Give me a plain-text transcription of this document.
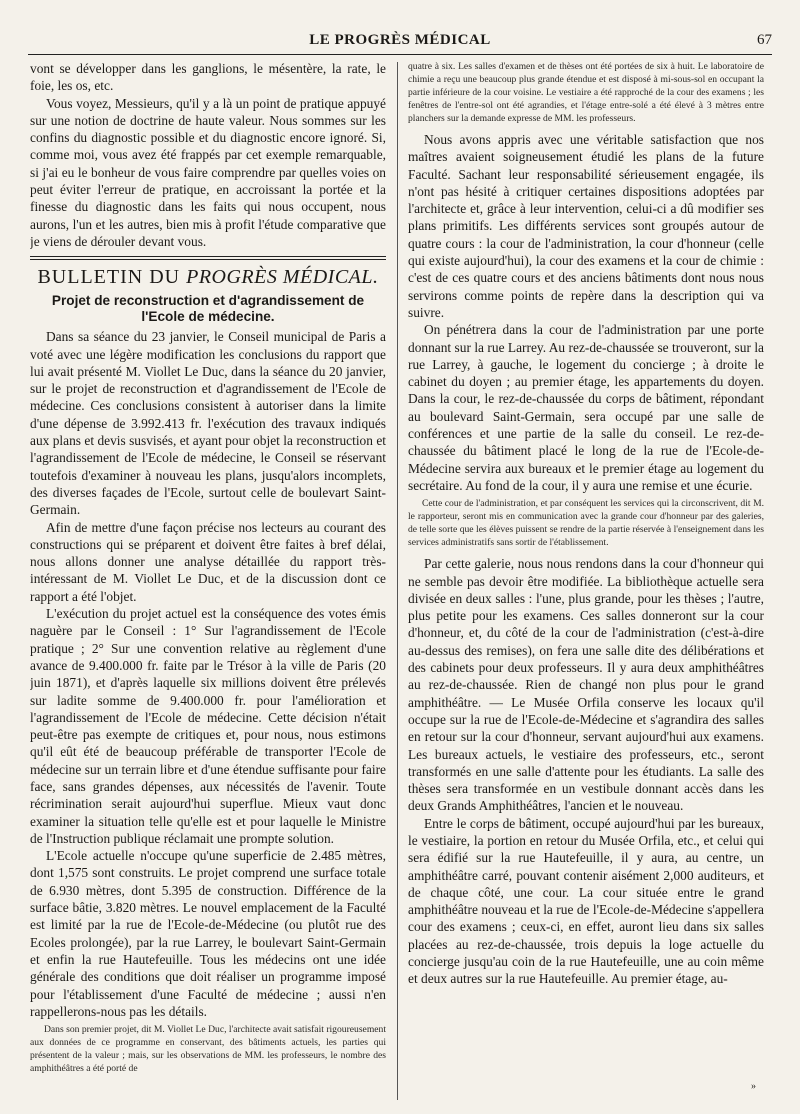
LE PROGRÈS MÉDICAL	67

vont se développer dans les ganglions, le mésentère, la rate, le foie, les os, etc.

Vous voyez, Messieurs, qu'il y a là un point de pratique appuyé sur une notion de doctrine de haute valeur. Nous sommes sur les confins du diagnostic possible et du diagnostic encore ignoré. Si, comme moi, vous avez été frappés par cet exemple remarquable, si j'ai eu le bonheur de vous faire comprendre par quelles voies on peut éviter l'erreur de pratique, en accroissant la portée et la finesse du diagnostic dans les faits qui nous occupent, nous aurons, l'un et les autres, bien mis à profit l'étude comparative que je viens de dérouler devant vous.

BULLETIN DU PROGRÈS MÉDICAL.
Projet de reconstruction et d'agrandissement de
l'Ecole de médecine.

Dans sa séance du 23 janvier, le Conseil municipal de Paris a voté avec une légère modification les conclusions du rapport que lui avait présenté M. Viollet Le Duc, dans la séance du 20 janvier, sur le projet de reconstruction et d'agrandissement de l'Ecole de médecine. Ces conclusions consistent à autoriser dans la limite d'une dépense de 3.992.413 fr. l'exécution des travaux indiqués aux plans et devis susvisés, et ayant pour objet la reconstruction et l'agrandissement de l'Ecole de médecine, le Conseil se réservant toutefois d'examiner à nouveau les plans, jusqu'alors incomplets, des diverses façades de l'Ecole, surtout celle de boulevart Saint-Germain.

Afin de mettre d'une façon précise nos lecteurs au courant des constructions qui se préparent et doivent être faites à bref délai, nous allons donner une analyse détaillée du rapport très-intéressant de M. Viollet Le Duc, et de la discussion dont ce rapport a été l'objet.

L'exécution du projet actuel est la conséquence des votes émis naguère par le Conseil : 1° Sur l'agrandissement de l'Ecole pratique ; 2° Sur une convention relative au règlement d'une avance de 9.400.000 fr. faite par le Trésor à la ville de Paris (20 juin 1871), et d'après laquelle six millions doivent être prélevés sur ladite somme de 9.400.000 fr. pour l'amélioration et l'agrandissement de l'Ecole de médecine. Cette décision n'était peut-être pas exempte de critiques et, pour nous, nous estimons qu'il eût été de beaucoup préférable de transporter l'Ecole de médecine sur un terrain libre et d'une étendue suffisante pour faire face, sans grandes dépenses, aux nécessités de l'avenir. Toute récrimination serait aujourd'hui superflue. Mieux vaut donc examiner la situation telle qu'elle est et pour laquelle le Ministre de l'Instruction publique réclamait une prompte solution.

L'Ecole actuelle n'occupe qu'une superficie de 2.485 mètres, dont 1,575 sont construits. Le projet comprend une surface totale de 6.930 mètres, dont 5.395 de construction. Différence de la surface bâtie, 3.820 mètres. Le nouvel emplacement de la Faculté est limité par la rue de l'Ecole-de-Médecine (ou plutôt rue des Ecoles prolongée), par la rue Larrey, le boulevart Saint-Germain et enfin la rue Hautefeuille. Tous les médecins ont une idée générale des conditions que doit réaliser un programme imposé pour l'établissement d'une Faculté de médecine ; aussi n'en rappellerons-nous pas les détails.

Dans son premier projet, dit M. Viollet Le Duc, l'architecte avait satisfait rigoureusement aux données de ce programme en conservant, des bâtiments actuels, les parties qui présentent de la valeur ; mais, sur les observations de MM. les professeurs, le nombre des amphithéâtres a été porté de

quatre à six. Les salles d'examen et de thèses ont été portées de six à huit. Le laboratoire de chimie a reçu une beaucoup plus grande étendue et est disposé à mi-sous-sol en occupant la partie inférieure de la cour voisine. Le vestiaire a été rapproché de la cour des examens ; les fenêtres de l'entre-sol ont été agrandies, et l'étage entre-solé a été élevé à 3 mètres entre planchers sur la demande expresse de MM. les professeurs.

Nous avons appris avec une véritable satisfaction que nos maîtres avaient soigneusement étudié les plans de la future Faculté. Sachant leur responsabilité sérieusement engagée, ils n'ont pas hésité à critiquer certaines dispositions adoptées par l'architecte et, grâce à leur intervention, celui-ci a dû modifier ses plans primitifs. Les différents services sont groupés autour de quatre cours : la cour de l'administration, la cour d'honneur (celle qui existe aujourd'hui), la cour des examens et la cour de chimie : c'est de ces quatre cours et des anciens bâtiments dont nous nous servirons comme points de repère dans la description qui va suivre.

On pénétrera dans la cour de l'administration par une porte donnant sur la rue Larrey. Au rez-de-chaussée se trouveront, sur la rue Larrey, à gauche, le logement du concierge ; à droite le cabinet du doyen ; au premier étage, les appartements du doyen. Dans la cour, le rez-de-chaussée du corps de bâtiment, répondant au boulevard Saint-Germain, sera occupé par une salle de conférences et une partie de la salle du conseil. Le rez-de-chaussée du bâtiment placé le long de la rue de l'Ecole-de-Médecine servira aux bureaux et le premier étage au logement du secrétaire. Au fond de la cour, il y aura une remise et une écurie.

Cette cour de l'administration, et par conséquent les services qui la circonscrivent, dit M. le rapporteur, seront mis en communication avec la grande cour d'honneur par des galeries, de telle sorte que les élèves puissent se rendre de la partie réservée à l'enseignement dans les services administratifs sans sortir de l'établissement.

Par cette galerie, nous nous rendons dans la cour d'honneur qui ne semble pas devoir être modifiée. La bibliothèque actuelle sera divisée en deux salles : l'une, plus grande, pour les thèses ; l'autre, plus petite pour les examens. Ces salles donneront sur la cour d'honneur, et, du côté de la cour de l'administration (c'est-à-dire au-dessus des remises), on fera une salle dite des délibérations et des cabinets pour deux professeurs. Il y aura deux amphithéâtres au rez-de-chaussée. Rien de changé non plus pour le grand amphithéâtre. — Le Musée Orfila conserve les locaux qu'il occupe sur la rue de l'Ecole-de-Médecine et s'agrandira des salles en retour sur la cour d'honneur, servant aujourd'hui aux examens. Les bureaux actuels, le vestiaire des professeurs, etc., seront transformés en une salle d'attente pour les étudiants. La salle des thèses sera transformée en un vestibule donnant accès dans les deux Grands Amphithéâtres, l'ancien et le nouveau.

Entre le corps de bâtiment, occupé aujourd'hui par les bureaux, le vestiaire, la portion en retour du Musée Orfila, etc., et celui qui sera édifié sur la rue Hautefeuille, il y aura, au centre, un amphithéâtre carré, pouvant contenir aisément 2,000 auditeurs, et de chaque côté, une cour. La cour située entre le grand amphithéâtre nouveau et la rue de l'Ecole-de-Médecine s'appellera cour des examens ; ceux-ci, en effet, auront lieu dans six salles placées au rez-de-chaussée, trois depuis la loge actuelle du concierge jusqu'au coin de la rue Hautefeuille, une au coin même et deux autres sur la rue Hautefeuille. Au premier étage, au-

»
